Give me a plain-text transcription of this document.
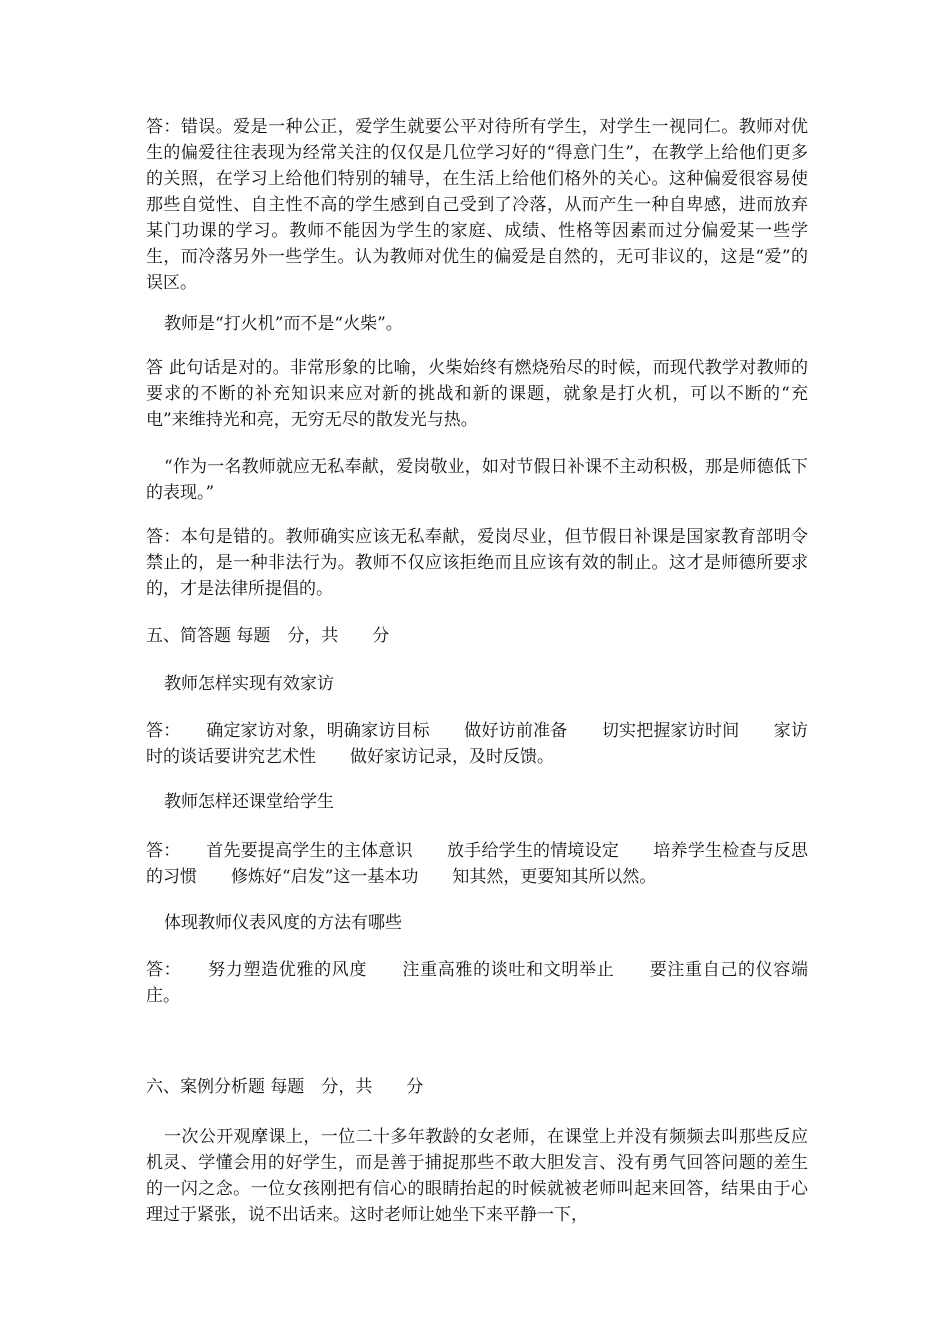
答：错误。爱是一种公正，爱学生就要公平对待所有学生，对学生一视同仁。教师对优生的偏爱往往表现为经常关注的仅仅是几位学习好的“得意门生”，在教学上给他们更多的关照，在学习上给他们特别的辅导，在生活上给他们格外的关心。这种偏爱很容易使那些自觉性、自主性不高的学生感到自己受到了冷落，从而产生一种自卑感，进而放弃某门功课的学习。教师不能因为学生的家庭、成绩、性格等因素而过分偏爱某一些学生，而冷落另外一些学生。认为教师对优生的偏爱是自然的，无可非议的，这是“爱”的误区。

教师是“打火机”而不是“火柴”。

答 此句话是对的。非常形象的比喻，火柴始终有燃烧殆尽的时候，而现代教学对教师的要求的不断的补充知识来应对新的挑战和新的课题，就象是打火机，可以不断的“充电”来维持光和亮，无穷无尽的散发光与热。

“作为一名教师就应无私奉献，爱岗敬业，如对节假日补课不主动积极，那是师德低下的表现。”

答：本句是错的。教师确实应该无私奉献，爱岗尽业，但节假日补课是国家教育部明令禁止的，是一种非法行为。教师不仅应该拒绝而且应该有效的制止。这才是师德所要求的，才是法律所提倡的。

五、简答题 每题　分，共　　分

教师怎样实现有效家访

答：　　确定家访对象，明确家访目标　　做好访前准备　　切实把握家访时间　　家访时的谈话要讲究艺术性　　做好家访记录，及时反馈。

教师怎样还课堂给学生

答：　　首先要提高学生的主体意识　　放手给学生的情境设定　　培养学生检查与反思的习惯　　修炼好“启发”这一基本功　　知其然，更要知其所以然。

体现教师仪表风度的方法有哪些

答：　　努力塑造优雅的风度　　注重高雅的谈吐和文明举止　　要注重自己的仪容端庄。

六、案例分析题 每题　分，共　　分

一次公开观摩课上，一位二十多年教龄的女老师，在课堂上并没有频频去叫那些反应机灵、学懂会用的好学生，而是善于捕捉那些不敢大胆发言、没有勇气回答问题的差生的一闪之念。一位女孩刚把有信心的眼睛抬起的时候就被老师叫起来回答，结果由于心理过于紧张，说不出话来。这时老师让她坐下来平静一下，
